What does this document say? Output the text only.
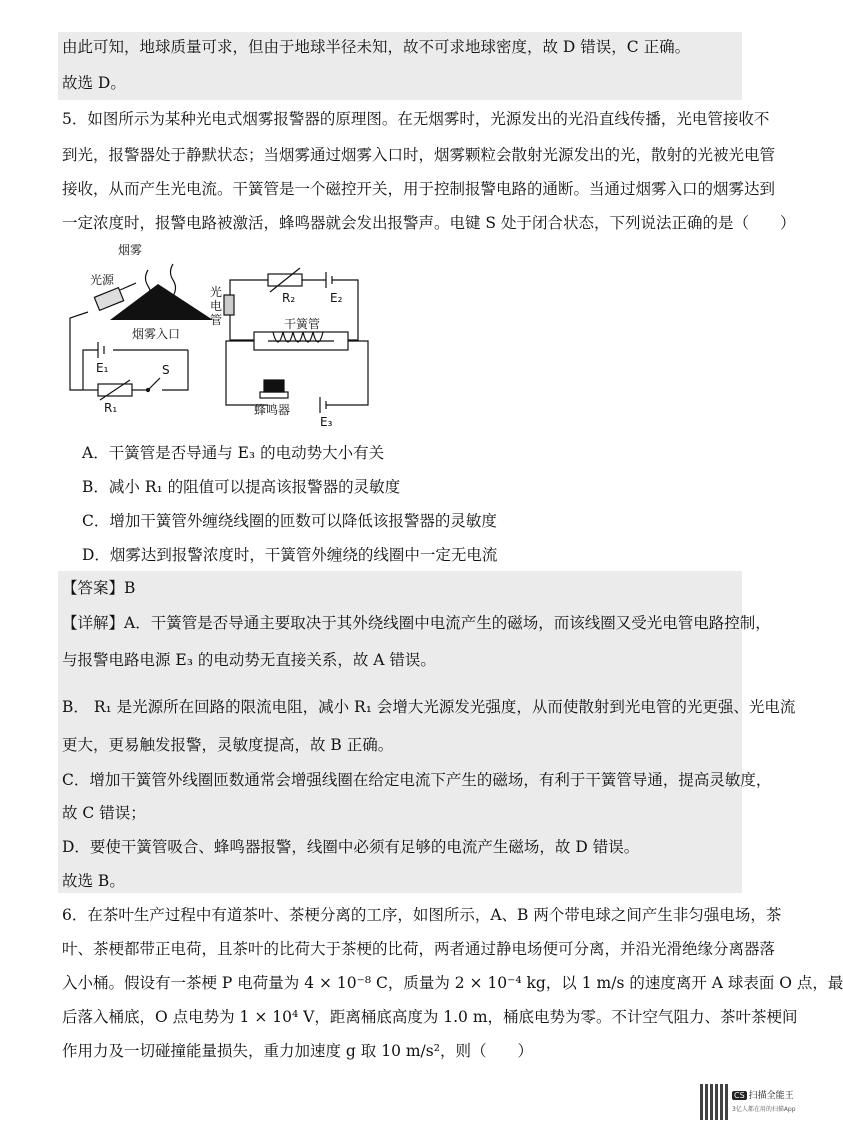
由此可知，地球质量可求，但由于地球半径未知，故不可求地球密度，故 D 错误，C 正确。
故选 D。
5．如图所示为某种光电式烟雾报警器的原理图。在无烟雾时，光源发出的光沿直线传播，光电管接收不
到光，报警器处于静默状态；当烟雾通过烟雾入口时，烟雾颗粒会散射光源发出的光，散射的光被光电管
接收，从而产生光电流。干簧管是一个磁控开关，用于控制报警电路的通断。当通过烟雾入口的烟雾达到
一定浓度时，报警电路被激活，蜂鸣器就会发出报警声。电键 S 处于闭合状态，下列说法正确的是（　　）
烟雾
光源
烟雾入口
光
电
管	干簧管
蜂鸣器
R₁
R₂
E₁
E₂
E₃
S
A．干簧管是否导通与 E₃ 的电动势大小有关
B．减小 R₁ 的阻值可以提高该报警器的灵敏度
C．增加干簧管外缠绕线圈的匝数可以降低该报警器的灵敏度
D．烟雾达到报警浓度时，干簧管外缠绕的线圈中一定无电流
【答案】B
【详解】A．干簧管是否导通主要取决于其外绕线圈中电流产生的磁场，而该线圈又受光电管电路控制，
与报警电路电源 E₃ 的电动势无直接关系，故 A 错误。
B． R₁ 是光源所在回路的限流电阻，减小 R₁ 会增大光源发光强度，从而使散射到光电管的光更强、光电流
更大，更易触发报警，灵敏度提高，故 B 正确。
C．增加干簧管外线圈匝数通常会增强线圈在给定电流下产生的磁场，有利于干簧管导通，提高灵敏度，
故 C 错误；
D．要使干簧管吸合、蜂鸣器报警，线圈中必须有足够的电流产生磁场，故 D 错误。
故选 B。
6．在茶叶生产过程中有道茶叶、茶梗分离的工序，如图所示，A、B 两个带电球之间产生非匀强电场，茶
叶、茶梗都带正电荷，且茶叶的比荷大于茶梗的比荷，两者通过静电场便可分离，并沿光滑绝缘分离器落
入小桶。假设有一茶梗 P 电荷量为 4 × 10⁻⁸ C，质量为 2 × 10⁻⁴ kg，以 1 m/s 的速度离开 A 球表面 O 点，最
后落入桶底，O 点电势为 1 × 10⁴ V，距离桶底高度为 1.0 m，桶底电势为零。不计空气阻力、茶叶茶梗间
作用力及一切碰撞能量损失，重力加速度 g 取 10 m/s²，则（　　）
CS 扫描全能王
3亿人都在用的扫描App
